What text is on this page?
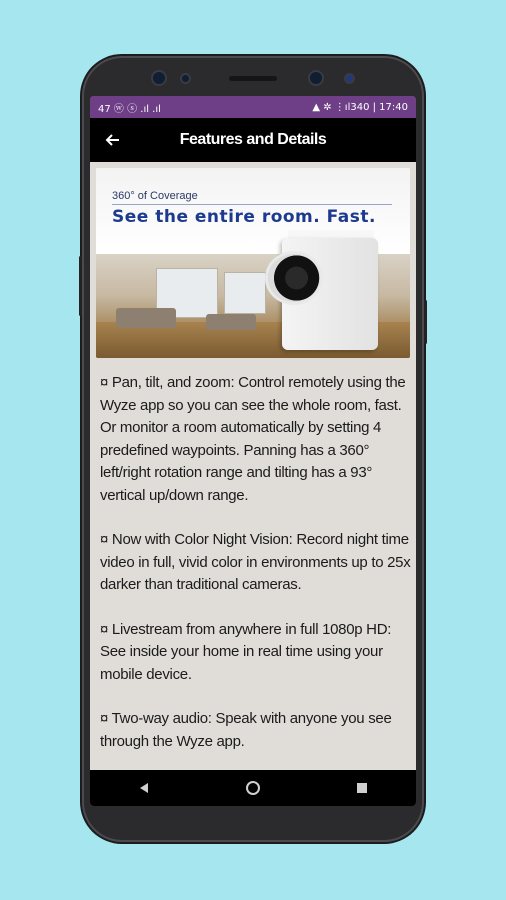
47 ⓦ ⓢ .ıl .ıl	▲ ✲ ⋮ıl340 | 17:40
Features and Details
360° of Coverage
See the entire room. Fast.

¤ Pan, tilt, and zoom: Control remotely using the Wyze app so you can see the whole room, fast. Or monitor a room automatically by setting 4 predefined waypoints. Panning has a 360° left/right rotation range and tilting has a 93° vertical up/down range.

¤ Now with Color Night Vision: Record night time video in full, vivid color in environments up to 25x darker than traditional cameras.

¤ Livestream from anywhere in full 1080p HD: See inside your home in real time using your mobile device.

¤ Two-way audio: Speak with anyone you see through the Wyze app.
